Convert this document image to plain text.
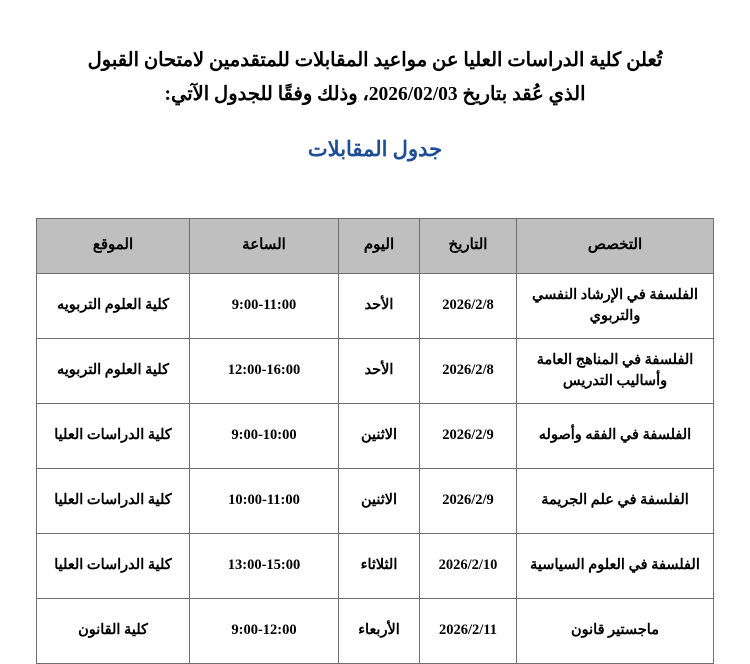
تُعلن كلية الدراسات العليا عن مواعيد المقابلات للمتقدمين لامتحان القبول
الذي عُقد بتاريخ 2026/02/03، وذلك وفقًا للجدول الآتي:
جدول المقابلات
التخصص	التاريخ	اليوم	الساعة	الموقع
الفلسفة في الإرشاد النفسي والتربوي	2026/2/8	الأحد	9:00-11:00	كلية العلوم التربويه
الفلسفة في المناهج العامة وأساليب التدريس	2026/2/8	الأحد	12:00-16:00	كلية العلوم التربويه
الفلسفة في الفقه وأصوله	2026/2/9	الاثنين	9:00-10:00	كلية الدراسات العليا
الفلسفة في علم الجريمة	2026/2/9	الاثنين	10:00-11:00	كلية الدراسات العليا
الفلسفة في العلوم السياسية	2026/2/10	الثلاثاء	13:00-15:00	كلية الدراسات العليا
ماجستير قانون	2026/2/11	الأربعاء	9:00-12:00	كلية القانون
